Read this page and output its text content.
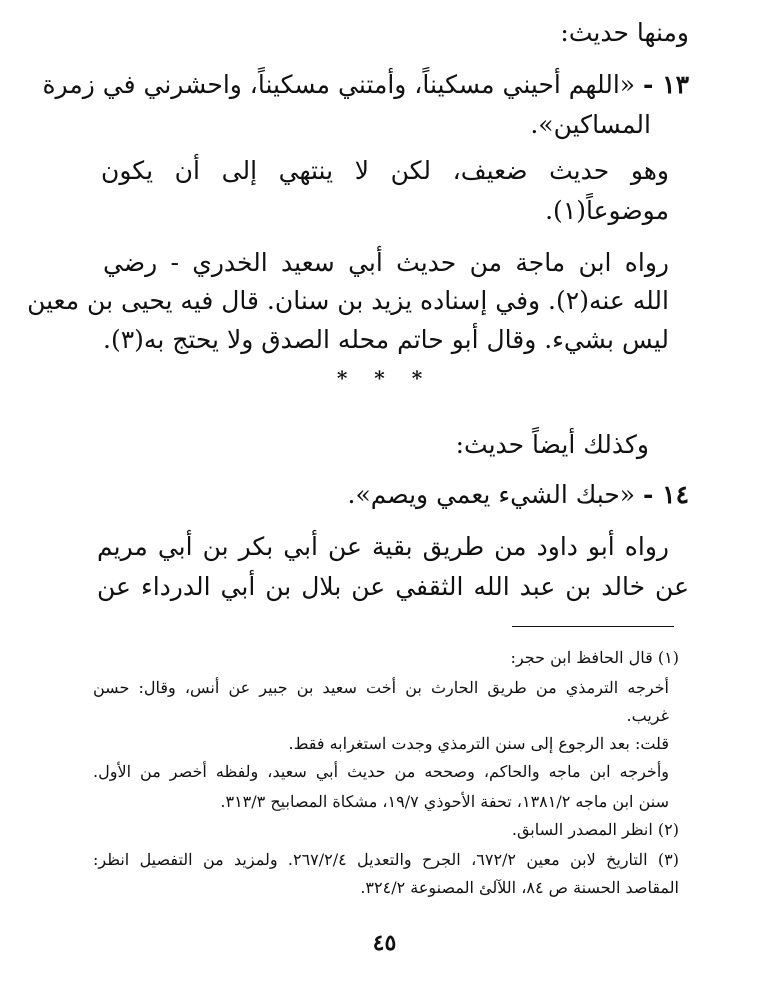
ومنها حديث:
١٣ - «اللهم أحيني مسكيناً، وأمتني مسكيناً، واحشرني في زمرة
المساكين».
وهو حديث ضعيف، لكن لا ينتهي إلى أن يكون
موضوعاً(١).
رواه ابن ماجة من حديث أبي سعيد الخدري - رضي
الله عنه(٢). وفي إسناده يزيد بن سنان. قال فيه يحيى بن معين
ليس بشيء. وقال أبو حاتم محله الصدق ولا يحتج به(٣).
* * *
وكذلك أيضاً حديث:
١٤ - «حبك الشيء يعمي ويصم».
رواه أبو داود من طريق بقية عن أبي بكر بن أبي مريم
عن خالد بن عبد الله الثقفي عن بلال بن أبي الدرداء عن
(١) قال الحافظ ابن حجر:
أخرجه الترمذي من طريق الحارث بن أخت سعيد بن جبير عن أنس، وقال: حسن
غريب.
قلت: بعد الرجوع إلى سنن الترمذي وجدت استغرابه فقط.
وأخرجه ابن ماجه والحاكم، وصححه من حديث أبي سعيد، ولفظه أخصر من الأول.
سنن ابن ماجه ١٣٨١/٢، تحفة الأحوذي ١٩/٧، مشكاة المصابيح ٣١٣/٣.
(٢) انظر المصدر السابق.
(٣) التاريخ لابن معين ٦٧٢/٢، الجرح والتعديل ٢٦٧/٢/٤. ولمزيد من التفصيل انظر:
المقاصد الحسنة ص ٨٤، اللآلئ المصنوعة ٣٢٤/٢.
٤٥
